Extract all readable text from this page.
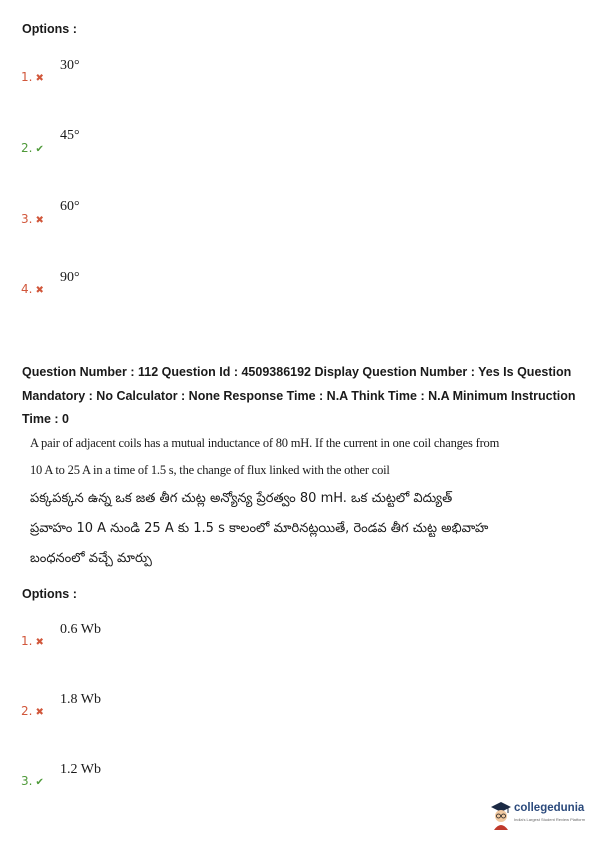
Options :
1. ✖
30°
2. ✔
45°
3. ✖
60°
4. ✖
90°
Question Number : 112 Question Id : 4509386192 Display Question Number : Yes Is Question Mandatory : No Calculator : None Response Time : N.A Think Time : N.A Minimum Instruction Time : 0
A pair of adjacent coils has a mutual inductance of 80 mH. If the current in one coil changes from
10 A to 25 A in a time of 1.5 s, the change of flux linked with the other coil
పక్కపక్కన ఉన్న ఒక జత తీగ చుట్ల అన్యోన్య ప్రేరత్వం 80 mH. ఒక చుట్టలో విద్యుత్
ప్రవాహం 10 A నుండి 25 A కు 1.5 s కాలంలో మారినట్లయితే, రెండవ తీగ చుట్ట అభివాహ
బంధనంలో వచ్చే మార్పు
Options :
1. ✖
0.6 Wb
2. ✖
1.8 Wb
3. ✔
1.2 Wb
collegedunia
India's Largest Student Review Platform
